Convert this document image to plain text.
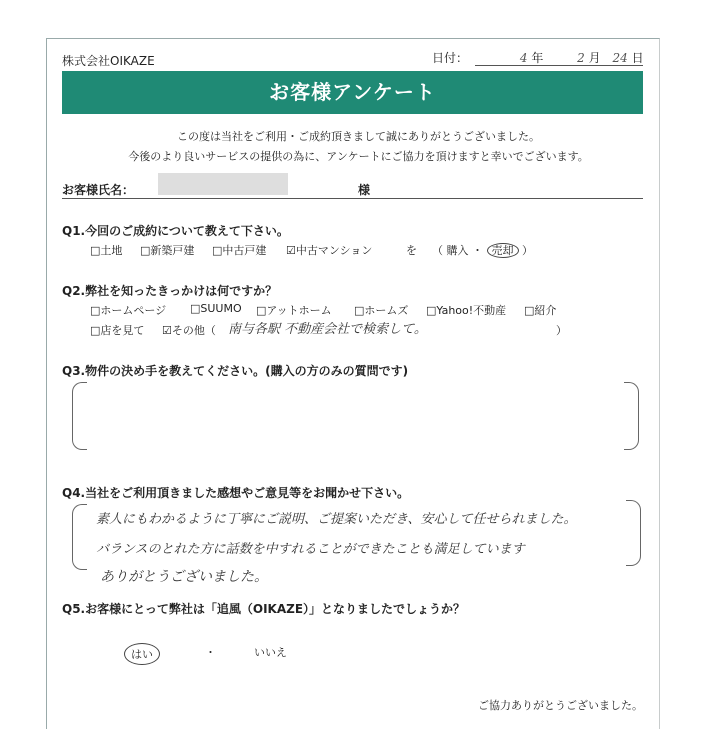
株式会社OIKAZE	日付：	4 年	2 月 24 日
お客様アンケート
この度は当社をご利用・ご成約頂きまして誠にありがとうございました。
今後のより良いサービスの提供の為に、アンケートにご協力を頂けますと幸いでございます。
お客様氏名：	様
Q1.今回のご成約について教えて下さい。
□土地 □新築戸建 □中古戸建 ☑中古マンション	を （ 購入 ・ 売却 ）
Q2.弊社を知ったきっかけは何ですか？
□ホームページ □SUUMO □アットホーム □ホームズ □Yahoo!不動産 □紹介
□店を見て ☑その他（ 南与各駅 不動産会社で検索して。	）
Q3.物件の決め手を教えてください。(購入の方のみの質問です)
Q4.当社をご利用頂きました感想やご意見等をお聞かせ下さい。
素人にもわかるように丁寧にご説明、ご提案いただき、安心して任せられました。
バランスのとれた方に話数を中すれることができたことも満足しています
ありがとうございました。
Q5.お客様にとって弊社は「追風（OIKAZE）」となりましたでしょうか？
はい	・	いいえ
ご協力ありがとうございました。
